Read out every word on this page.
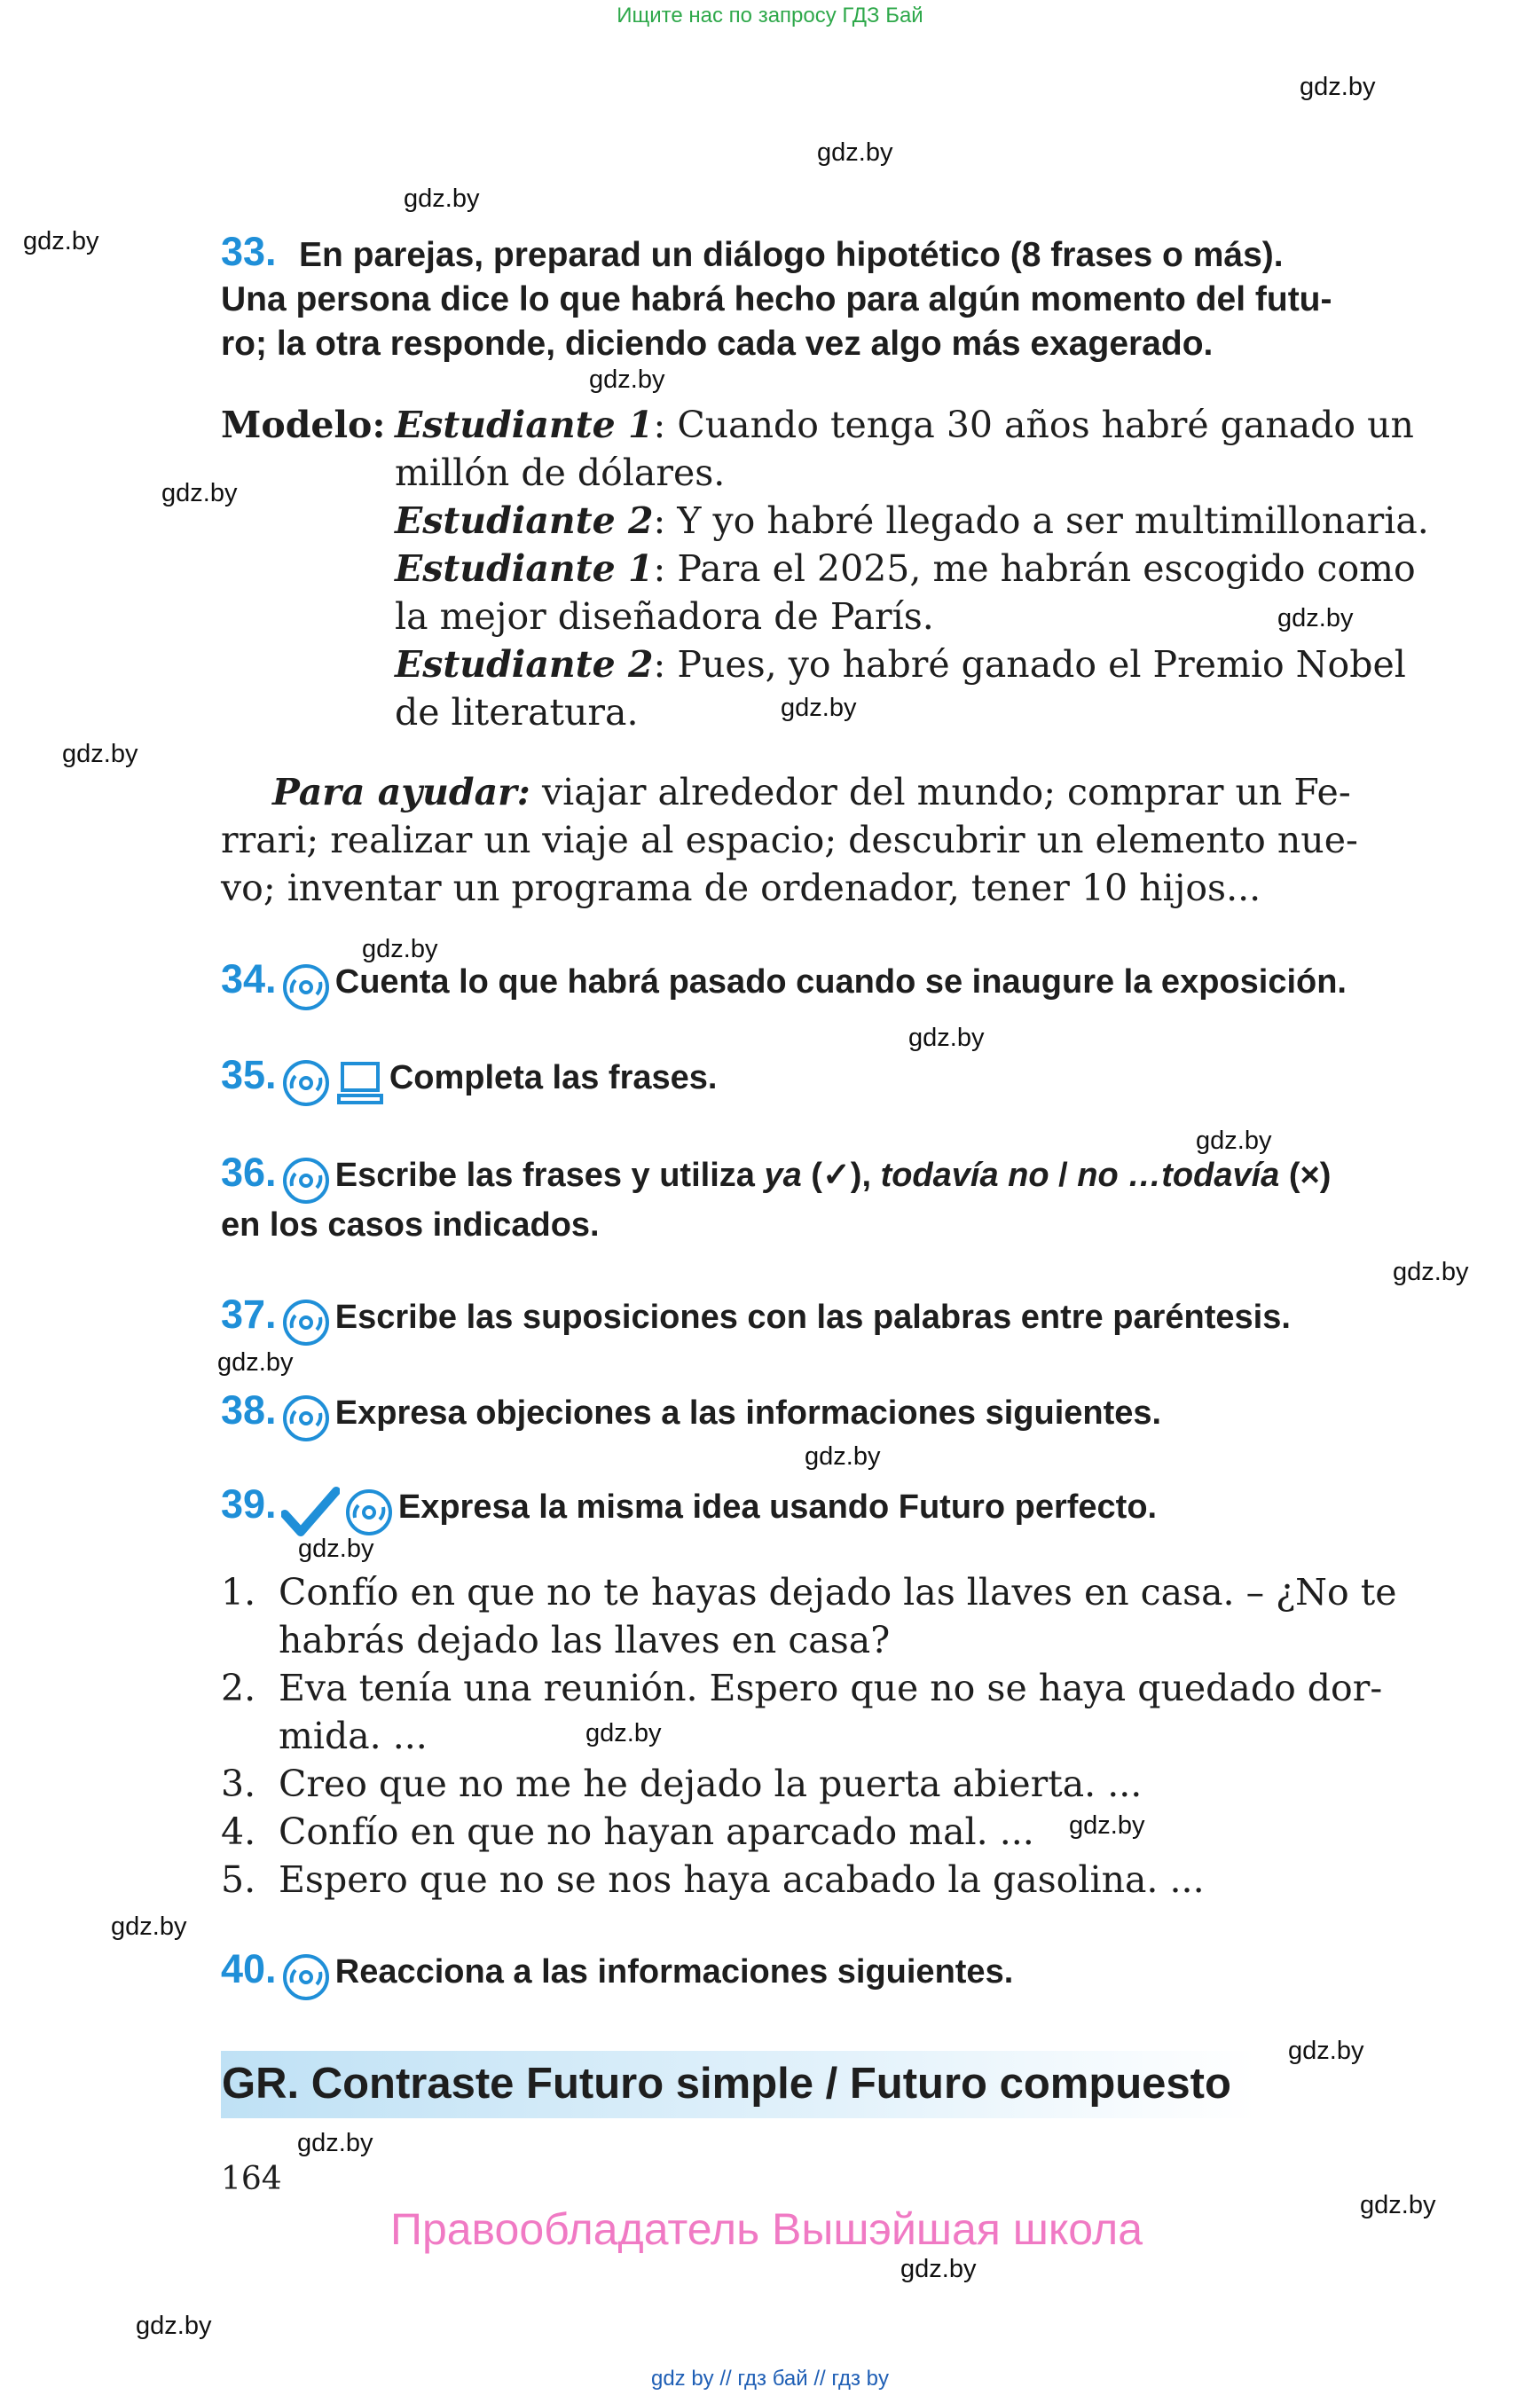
Ищите нас по запросу ГДЗ Бай
gdz.by
gdz.by
gdz.by
gdz.by
gdz.by
gdz.by
gdz.by
gdz.by
gdz.by
gdz.by
gdz.by
gdz.by
gdz.by
gdz.by
gdz.by
gdz.by
gdz.by
gdz.by
gdz.by
gdz.by
gdz.by
gdz.by
gdz.by
gdz.by
33. En parejas, preparad un diálogo hipotético (8 frases o más).
Una persona dice lo que habrá hecho para algún momento del futu-
ro; la otra responde, diciendo cada vez algo más exagerado.
Modelo: Estudiante 1: Cuando tenga 30 años habré ganado un
millón de dólares.
Estudiante 2: Y yo habré llegado a ser multimillonaria.
Estudiante 1: Para el 2025, me habrán escogido como
la mejor diseñadora de París.
Estudiante 2: Pues, yo habré ganado el Premio Nobel
de literatura.
Para ayudar: viajar alrededor del mundo; comprar un Fe-
rrari; realizar un viaje al espacio; descubrir un elemento nue-
vo; inventar un programa de ordenador, tener 10 hijos...
34. Cuenta lo que habrá pasado cuando se inaugure la exposición.
35.	Completa las frases.
36. Escribe las frases y utiliza ya (✓), todavía no / no …todavía (×)
en los casos indicados.
37. Escribe las suposiciones con las palabras entre paréntesis.
38. Expresa objeciones a las informaciones siguientes.
39.	Expresa la misma idea usando Futuro perfecto.
1. Confío en que no te hayas dejado las llaves en casa. – ¿No te
habrás dejado las llaves en casa?
2. Eva tenía una reunión. Espero que no se haya quedado dor-
mida. ...
3. Creo que no me he dejado la puerta abierta. ...
4. Confío en que no hayan aparcado mal. ...
5. Espero que no se nos haya acabado la gasolina. ...
40. Reacciona a las informaciones siguientes.
GR. Contraste Futuro simple / Futuro compuesto
164
Правообладатель Вышэйшая школа
gdz by // гдз бай // гдз by
